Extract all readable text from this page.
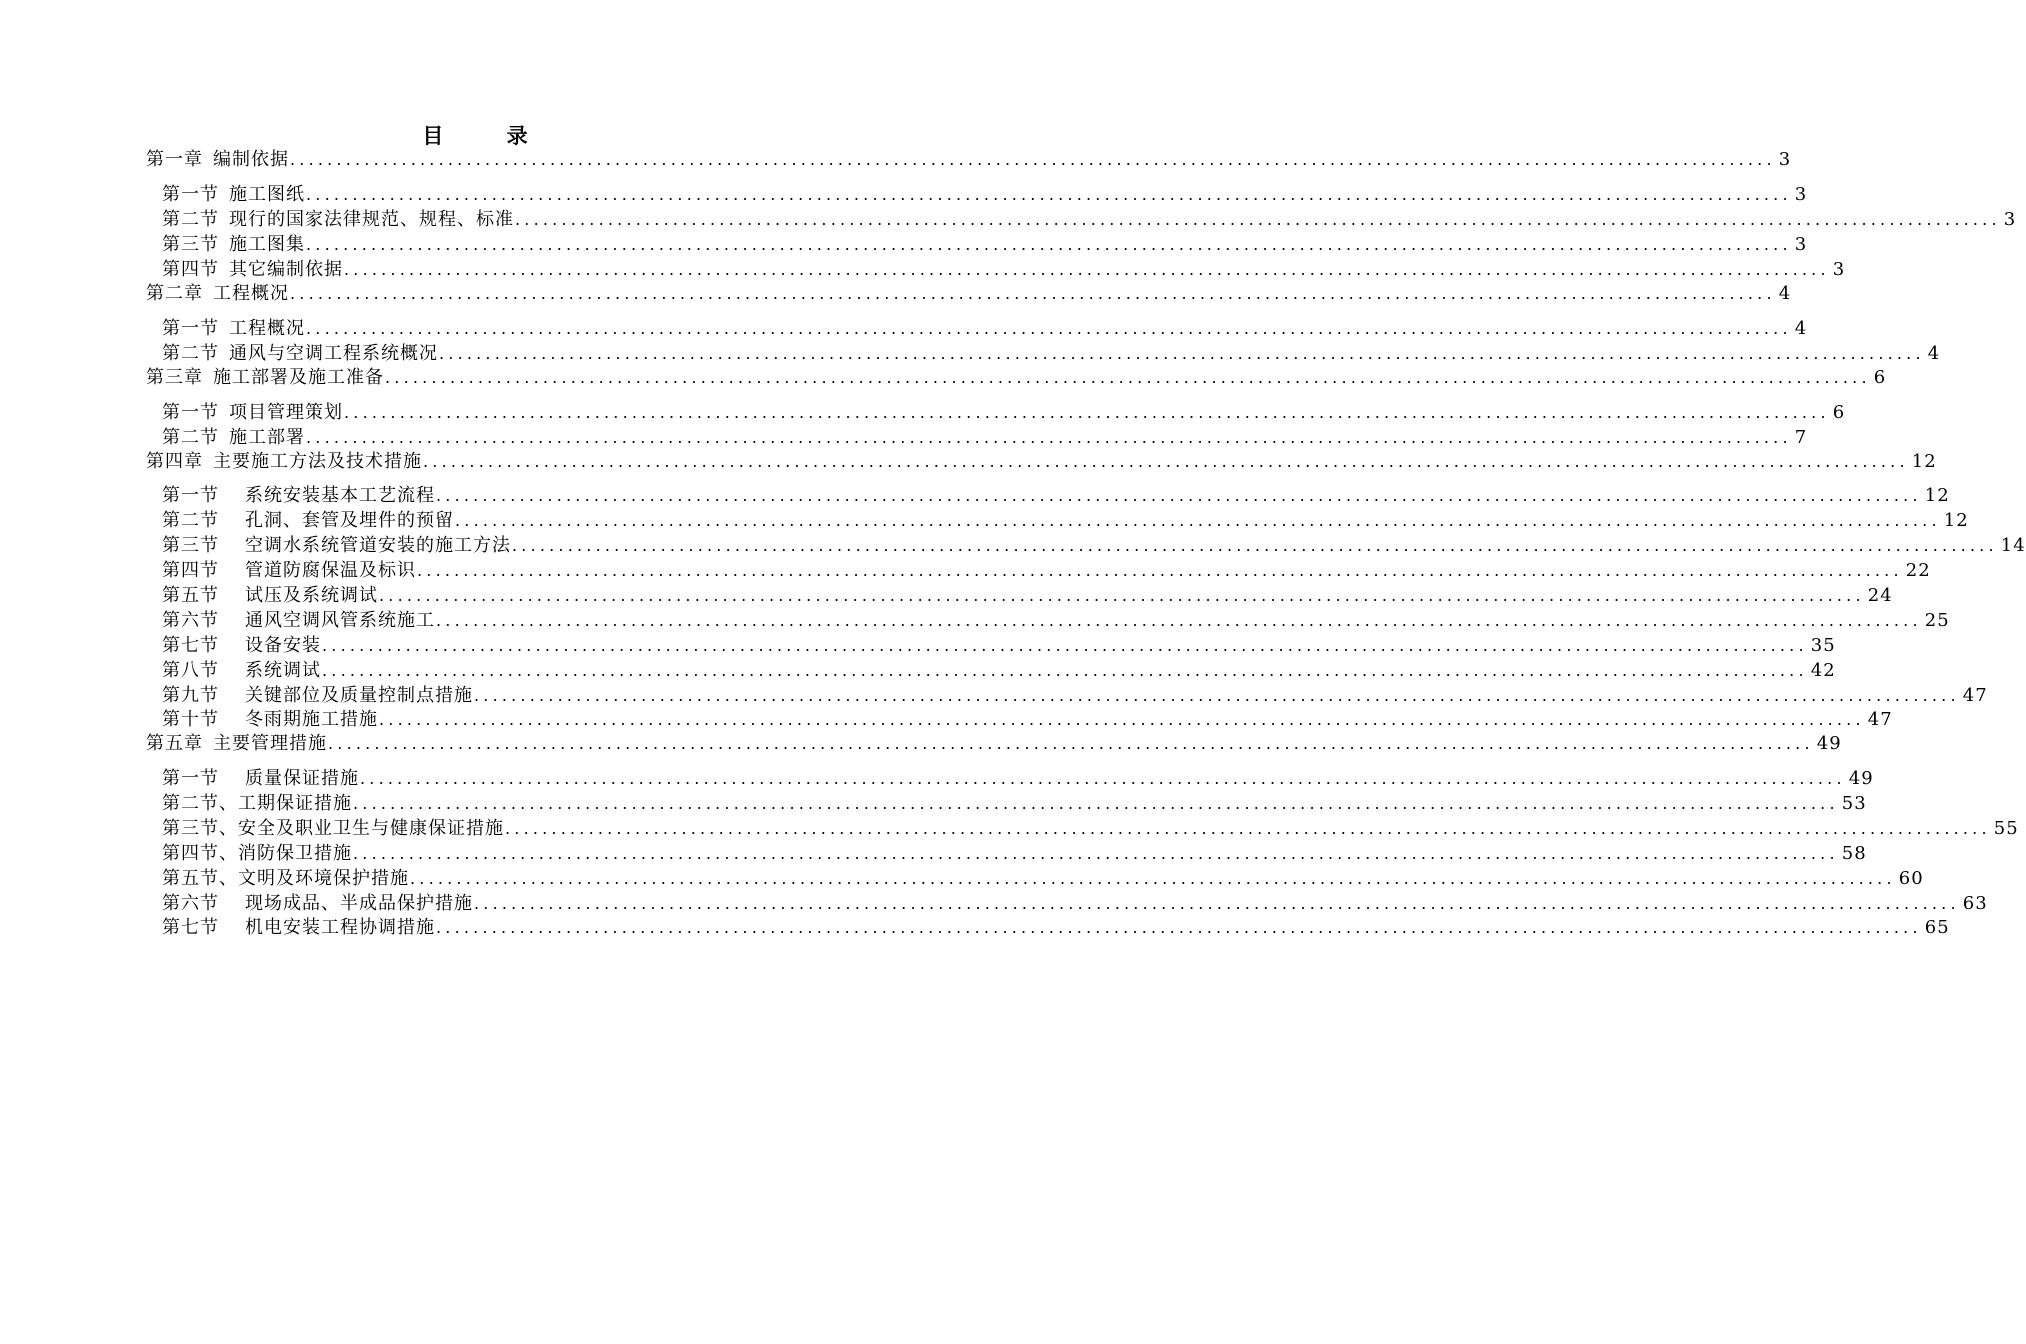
目 录
第一章 编制依据 ................................................................................................................................................................ 3
第一节 施工图纸 ................................................................................................................................................................ 3
第二节 现行的国家法律规范、规程、标准 ................................................................................................................................................................ 3
第三节 施工图集 ................................................................................................................................................................ 3
第四节 其它编制依据 ................................................................................................................................................................ 3
第二章 工程概况 ................................................................................................................................................................ 4
第一节 工程概况 ................................................................................................................................................................ 4
第二节 通风与空调工程系统概况 ................................................................................................................................................................ 4
第三章 施工部署及施工准备 ................................................................................................................................................................ 6
第一节 项目管理策划 ................................................................................................................................................................ 6
第二节 施工部署 ................................................................................................................................................................ 7
第四章 主要施工方法及技术措施 ................................................................................................................................................................ 12
第一节 系统安装基本工艺流程 ................................................................................................................................................................ 12
第二节 孔洞、套管及埋件的预留 ................................................................................................................................................................ 12
第三节 空调水系统管道安装的施工方法 ................................................................................................................................................................ 14
第四节 管道防腐保温及标识 ................................................................................................................................................................ 22
第五节 试压及系统调试 ................................................................................................................................................................ 24
第六节 通风空调风管系统施工 ................................................................................................................................................................ 25
第七节 设备安装 ................................................................................................................................................................ 35
第八节 系统调试 ................................................................................................................................................................ 42
第九节 关键部位及质量控制点措施 ................................................................................................................................................................ 47
第十节 冬雨期施工措施 ................................................................................................................................................................ 47
第五章 主要管理措施 ................................................................................................................................................................ 49
第一节 质量保证措施 ................................................................................................................................................................ 49
第二节、 工期保证措施 ................................................................................................................................................................ 53
第三节、 安全及职业卫生与健康保证措施 ................................................................................................................................................................ 55
第四节、 消防保卫措施 ................................................................................................................................................................ 58
第五节、 文明及环境保护措施 ................................................................................................................................................................ 60
第六节 现场成品、半成品保护措施 ................................................................................................................................................................ 63
第七节 机电安装工程协调措施 ................................................................................................................................................................ 65
